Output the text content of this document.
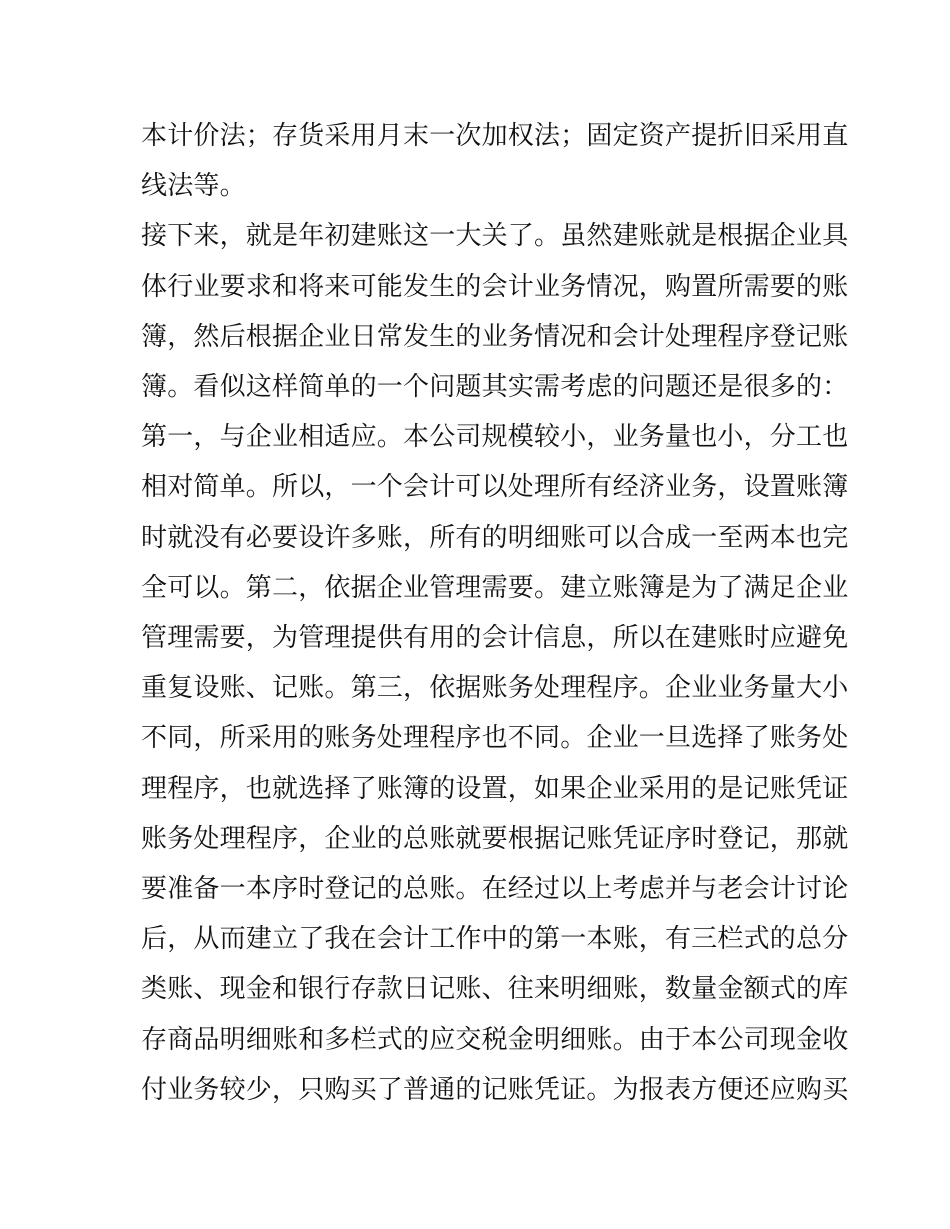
本计价法；存货采用月末一次加权法；固定资产提折旧采用直
线法等。
接下来，就是年初建账这一大关了。虽然建账就是根据企业具
体行业要求和将来可能发生的会计业务情况，购置所需要的账
簿，然后根据企业日常发生的业务情况和会计处理程序登记账
簿。看似这样简单的一个问题其实需考虑的问题还是很多的：
第一，与企业相适应。本公司规模较小，业务量也小，分工也
相对简单。所以，一个会计可以处理所有经济业务，设置账簿
时就没有必要设许多账，所有的明细账可以合成一至两本也完
全可以。第二，依据企业管理需要。建立账簿是为了满足企业
管理需要，为管理提供有用的会计信息，所以在建账时应避免
重复设账、记账。第三，依据账务处理程序。企业业务量大小
不同，所采用的账务处理程序也不同。企业一旦选择了账务处
理程序，也就选择了账簿的设置，如果企业采用的是记账凭证
账务处理程序，企业的总账就要根据记账凭证序时登记，那就
要准备一本序时登记的总账。在经过以上考虑并与老会计讨论
后，从而建立了我在会计工作中的第一本账，有三栏式的总分
类账、现金和银行存款日记账、往来明细账，数量金额式的库
存商品明细账和多栏式的应交税金明细账。由于本公司现金收
付业务较少，只购买了普通的记账凭证。为报表方便还应购买
